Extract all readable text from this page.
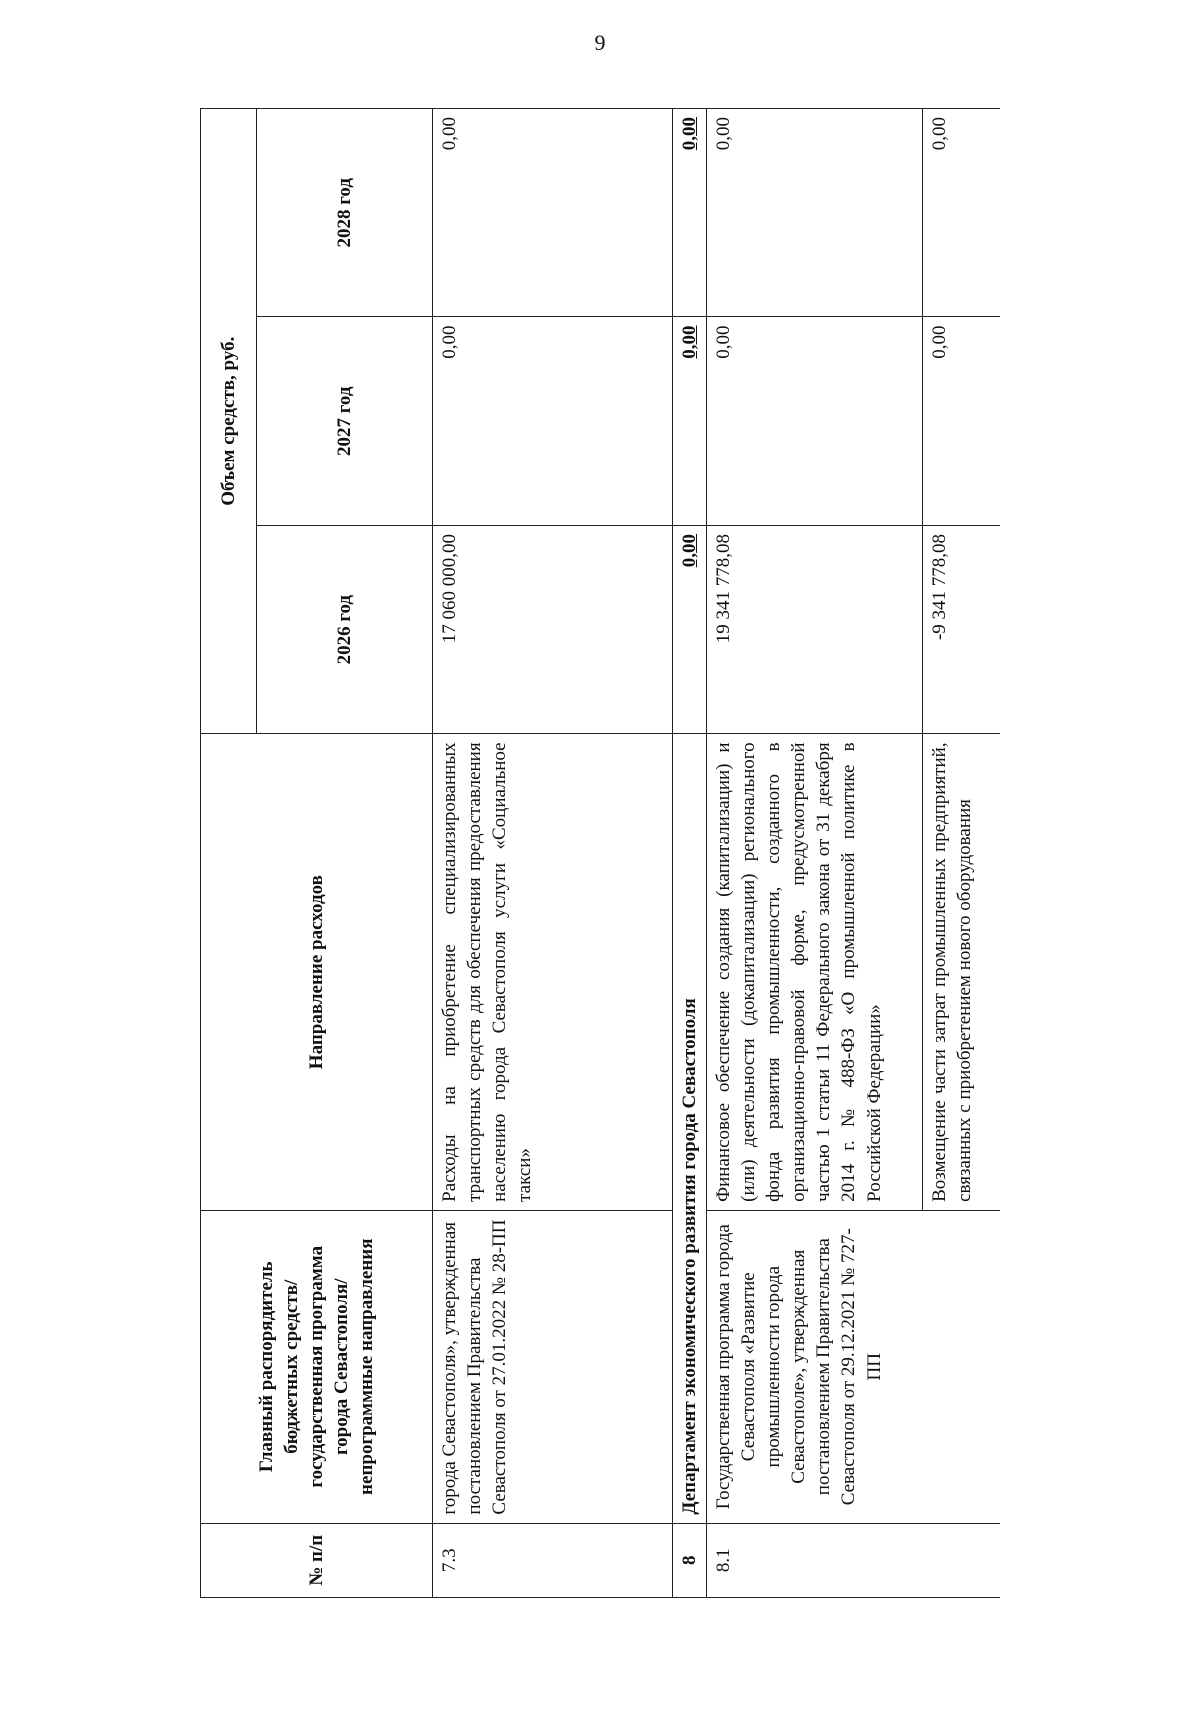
9
№ п/п	Главный распорядитель бюджетных средств/государственная программа города Севастополя/непрограммные направления	Направление расходов	Объем средств, руб.		
			2026 год	2027 год	2028 год
7.3	города Севастополя», утвержденная постановлением Правительства Севастополя от 27.01.2022 № 28-ПП	Расходы на приобретение специализированных транспортных средств для обеспечения предоставления населению города Севастополя услуги «Социальное такси»	17 060 000,00	0,00	0,00
8	Департамент экономического развития города Севастополя		0,00	0,00	0,00
8.1	Государственная программа города Севастополя «Развитие промышленности города Севастополе», утвержденная постановлением Правительства Севастополя от 29.12.2021 № 727-ПП	Финансовое обеспечение создания (капитализации) и (или) деятельности (докапитализации) регионального фонда развития промышленности, созданного в организационно-правовой форме, предусмотренной частью 1 статьи 11 Федерального закона от 31 декабря 2014 г. № 488-ФЗ «О промышленной политике в Российской Федерации»	19 341 778,08	0,00	0,00
		Возмещение части затрат промышленных предприятий, связанных с приобретением нового оборудования	-9 341 778,08	0,00	0,00
